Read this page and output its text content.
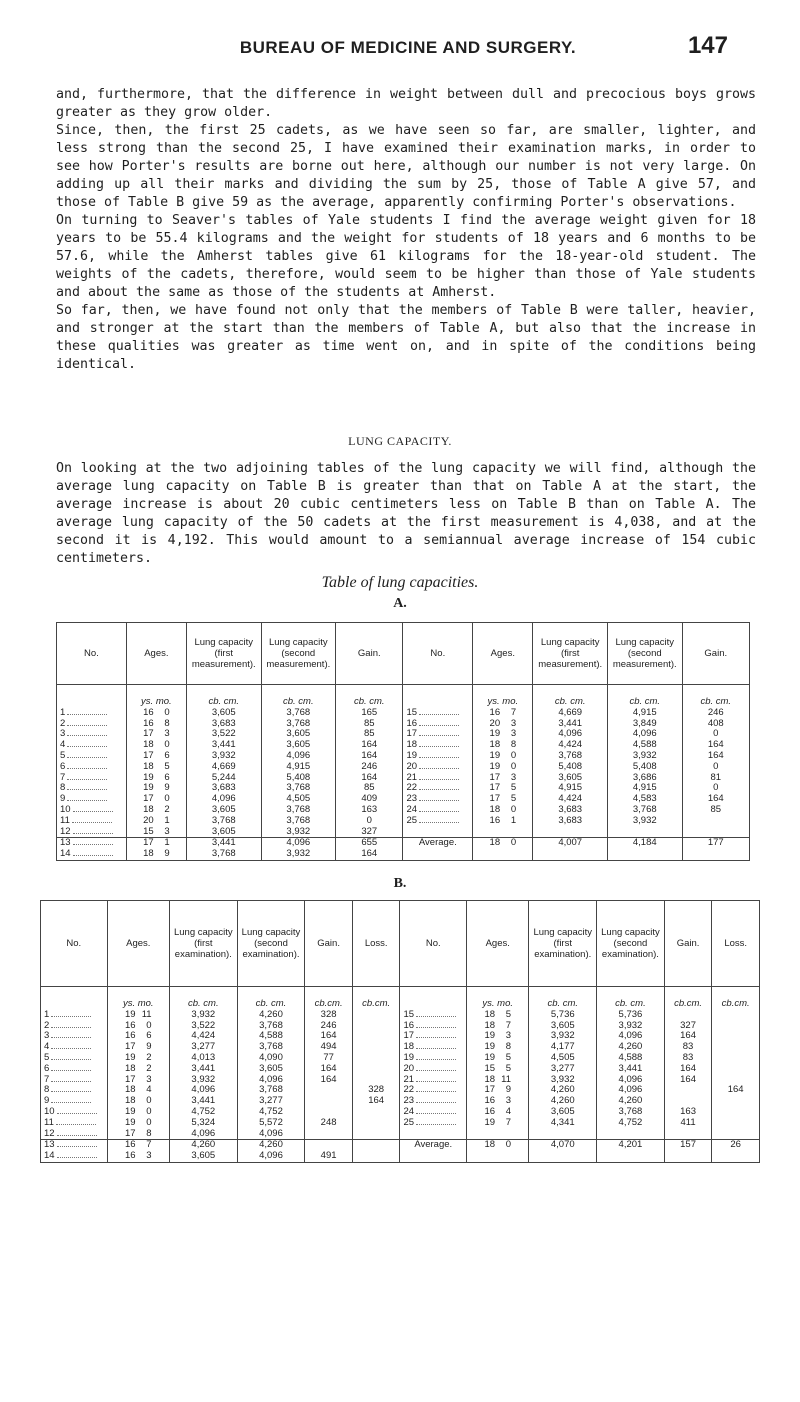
BUREAU OF MEDICINE AND SURGERY.	147

and, furthermore, that the difference in weight between dull and precocious boys grows greater as they grow older.

Since, then, the first 25 cadets, as we have seen so far, are smaller, lighter, and less strong than the second 25, I have examined their examination marks, in order to see how Porter's results are borne out here, although our number is not very large. On adding up all their marks and dividing the sum by 25, those of Table A give 57, and those of Table B give 59 as the average, apparently confirming Porter's observations.

On turning to Seaver's tables of Yale students I find the average weight given for 18 years to be 55.4 kilograms and the weight for students of 18 years and 6 months to be 57.6, while the Amherst tables give 61 kilograms for the 18-year-old student. The weights of the cadets, therefore, would seem to be higher than those of Yale students and about the same as those of the students at Amherst.

So far, then, we have found not only that the members of Table B were taller, heavier, and stronger at the start than the members of Table A, but also that the increase in these qualities was greater as time went on, and in spite of the conditions being identical.

LUNG CAPACITY.

On looking at the two adjoining tables of the lung capacity we will find, although the average lung capacity on Table B is greater than that on Table A at the start, the average increase is about 20 cubic centimeters less on Table B than on Table A. The average lung capacity of the 50 cadets at the first measurement is 4,038, and at the second it is 4,192. This would amount to a semiannual average increase of 154 cubic centimeters.

Table of lung capacities.
A.
No.	Ages.	Lung capacity (first measurement).	Lung capacity (second measurement).	Gain.	No.	Ages.	Lung capacity (first measurement).	Lung capacity (second measurement).	Gain.
	ys. mo.	cb. cm.	cb. cm.	cb. cm.		ys. mo.	cb. cm.	cb. cm.	cb. cm.
1	16 0	3,605	3,768	165	15	16 7	4,669	4,915	246
2	16 8	3,683	3,768	85	16	20 3	3,441	3,849	408
3	17 3	3,522	3,605	85	17	19 3	4,096	4,096	0
4	18 0	3,441	3,605	164	18	18 8	4,424	4,588	164
5	17 6	3,932	4,096	164	19	19 0	3,768	3,932	164
6	18 5	4,669	4,915	246	20	19 0	5,408	5,408	0
7	19 6	5,244	5,408	164	21	17 3	3,605	3,686	81
8	19 9	3,683	3,768	85	22	17 5	4,915	4,915	0
9	17 0	4,096	4,505	409	23	17 5	4,424	4,583	164
10	18 2	3,605	3,768	163	24	18 0	3,683	3,768	85
11	20 1	3,768	3,768	0	25	16 1	3,683	3,932	
12	15 3	3,605	3,932	327					
13	17 1	3,441	4,096	655	Average.	18 0	4,007	4,184	177
14	18 9	3,768	3,932	164					
B.
No.	Ages.	Lung capacity (first examination).	Lung capacity (second examination).	Gain.	Loss.	No.	Ages.	Lung capacity (first examination).	Lung capacity (second examination).	Gain.	Loss.
	ys. mo.	cb. cm.	cb. cm.	cb.cm.	cb.cm.		ys. mo.	cb. cm.	cb. cm.	cb.cm.	cb.cm.
1	19 11	3,932	4,260	328		15	18 5	5,736	5,736		
2	16 0	3,522	3,768	246		16	18 7	3,605	3,932	327	
3	16 6	4,424	4,588	164		17	19 3	3,932	4,096	164	
4	17 9	3,277	3,768	494		18	19 8	4,177	4,260	83	
5	19 2	4,013	4,090	77		19	19 5	4,505	4,588	83	
6	18 2	3,441	3,605	164		20	15 5	3,277	3,441	164	
7	17 3	3,932	4,096	164		21	18 11	3,932	4,096	164	
8	18 4	4,096	3,768		328	22	17 9	4,260	4,096		164
9	18 0	3,441	3,277		164	23	16 3	4,260	4,260		
10	19 0	4,752	4,752			24	16 4	3,605	3,768	163	
11	19 0	5,324	5,572	248		25	19 7	4,341	4,752	411	
12	17 8	4,096	4,096								
13	16 7	4,260	4,260			Average.	18 0	4,070	4,201	157	26
14	16 3	3,605	4,096	491							
